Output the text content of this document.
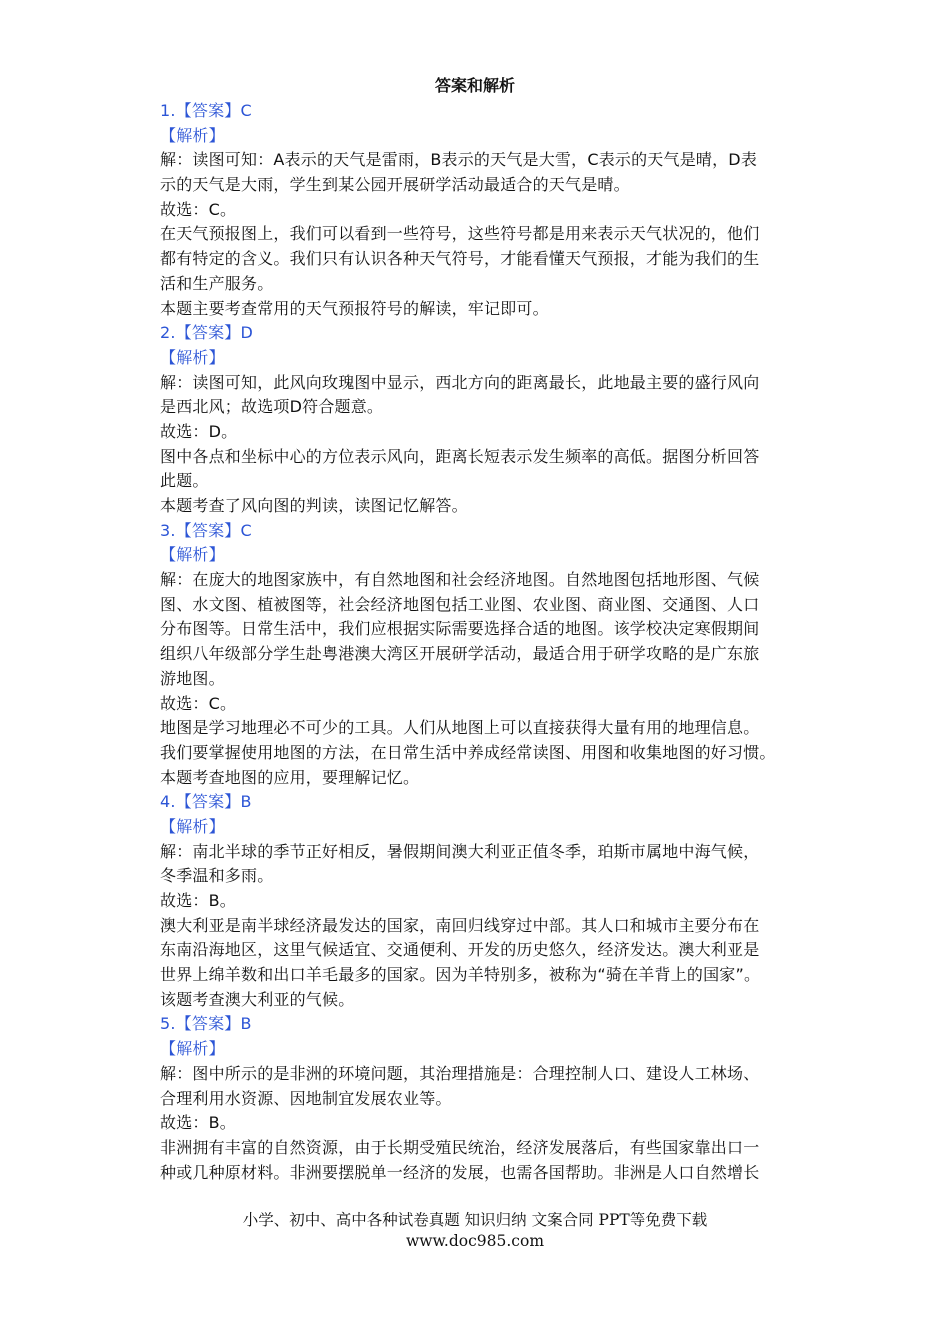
答案和解析
1.【答案】C
【解析】
解：读图可知：A表示的天气是雷雨，B表示的天气是大雪，C表示的天气是晴，D表
示的天气是大雨，学生到某公园开展研学活动最适合的天气是晴。
故选：C。
在天气预报图上，我们可以看到一些符号，这些符号都是用来表示天气状况的，他们
都有特定的含义。我们只有认识各种天气符号，才能看懂天气预报，才能为我们的生
活和生产服务。
本题主要考查常用的天气预报符号的解读，牢记即可。
2.【答案】D
【解析】
解：读图可知，此风向玫瑰图中显示，西北方向的距离最长，此地最主要的盛行风向
是西北风；故选项D符合题意。
故选：D。
图中各点和坐标中心的方位表示风向，距离长短表示发生频率的高低。据图分析回答
此题。
本题考查了风向图的判读，读图记忆解答。
3.【答案】C
【解析】
解：在庞大的地图家族中，有自然地图和社会经济地图。自然地图包括地形图、气候
图、水文图、植被图等，社会经济地图包括工业图、农业图、商业图、交通图、人口
分布图等。日常生活中，我们应根据实际需要选择合适的地图。该学校决定寒假期间
组织八年级部分学生赴粤港澳大湾区开展研学活动，最适合用于研学攻略的是广东旅
游地图。
故选：C。
地图是学习地理必不可少的工具。人们从地图上可以直接获得大量有用的地理信息。
我们要掌握使用地图的方法，在日常生活中养成经常读图、用图和收集地图的好习惯。
本题考查地图的应用，要理解记忆。
4.【答案】B
【解析】
解：南北半球的季节正好相反，暑假期间澳大利亚正值冬季，珀斯市属地中海气候，
冬季温和多雨。
故选：B。
澳大利亚是南半球经济最发达的国家，南回归线穿过中部。其人口和城市主要分布在
东南沿海地区，这里气候适宜、交通便利、开发的历史悠久，经济发达。澳大利亚是
世界上绵羊数和出口羊毛最多的国家。因为羊特别多，被称为“骑在羊背上的国家”。
该题考查澳大利亚的气候。
5.【答案】B
【解析】
解：图中所示的是非洲的环境问题，其治理措施是：合理控制人口、建设人工林场、
合理利用水资源、因地制宜发展农业等。
故选：B。
非洲拥有丰富的自然资源，由于长期受殖民统治，经济发展落后，有些国家靠出口一
种或几种原材料。非洲要摆脱单一经济的发展，也需各国帮助。非洲是人口自然增长
小学、初中、高中各种试卷真题 知识归纳 文案合同 PPT等免费下载
www.doc985.com
